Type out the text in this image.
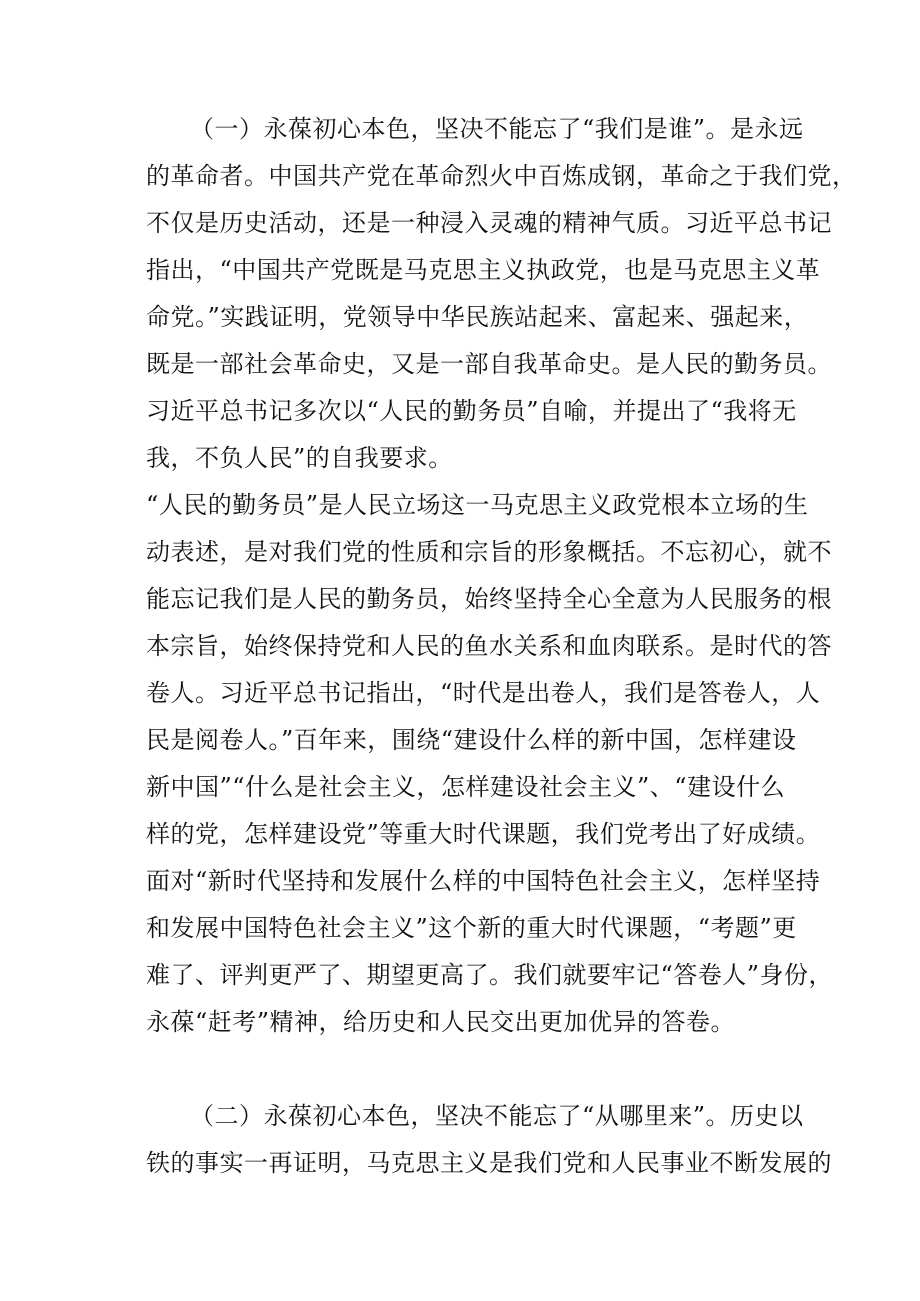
（一）永葆初心本色，坚决不能忘了“我们是谁”。是永远
的革命者。中国共产党在革命烈火中百炼成钢，革命之于我们党，
不仅是历史活动，还是一种浸入灵魂的精神气质。习近平总书记
指出，“中国共产党既是马克思主义执政党，也是马克思主义革
命党。”实践证明，党领导中华民族站起来、富起来、强起来，
既是一部社会革命史，又是一部自我革命史。是人民的勤务员。
习近平总书记多次以“人民的勤务员”自喻，并提出了“我将无
我，不负人民”的自我要求。
“人民的勤务员”是人民立场这一马克思主义政党根本立场的生
动表述，是对我们党的性质和宗旨的形象概括。不忘初心，就不
能忘记我们是人民的勤务员，始终坚持全心全意为人民服务的根
本宗旨，始终保持党和人民的鱼水关系和血肉联系。是时代的答
卷人。习近平总书记指出，“时代是出卷人，我们是答卷人，人
民是阅卷人。”百年来，围绕“建设什么样的新中国，怎样建设
新中国”“什么是社会主义，怎样建设社会主义”、“建设什么
样的党，怎样建设党”等重大时代课题，我们党考出了好成绩。
面对“新时代坚持和发展什么样的中国特色社会主义，怎样坚持
和发展中国特色社会主义”这个新的重大时代课题，“考题”更
难了、评判更严了、期望更高了。我们就要牢记“答卷人”身份，
永葆“赶考”精神，给历史和人民交出更加优异的答卷。
（二）永葆初心本色，坚决不能忘了“从哪里来”。历史以
铁的事实一再证明，马克思主义是我们党和人民事业不断发展的
